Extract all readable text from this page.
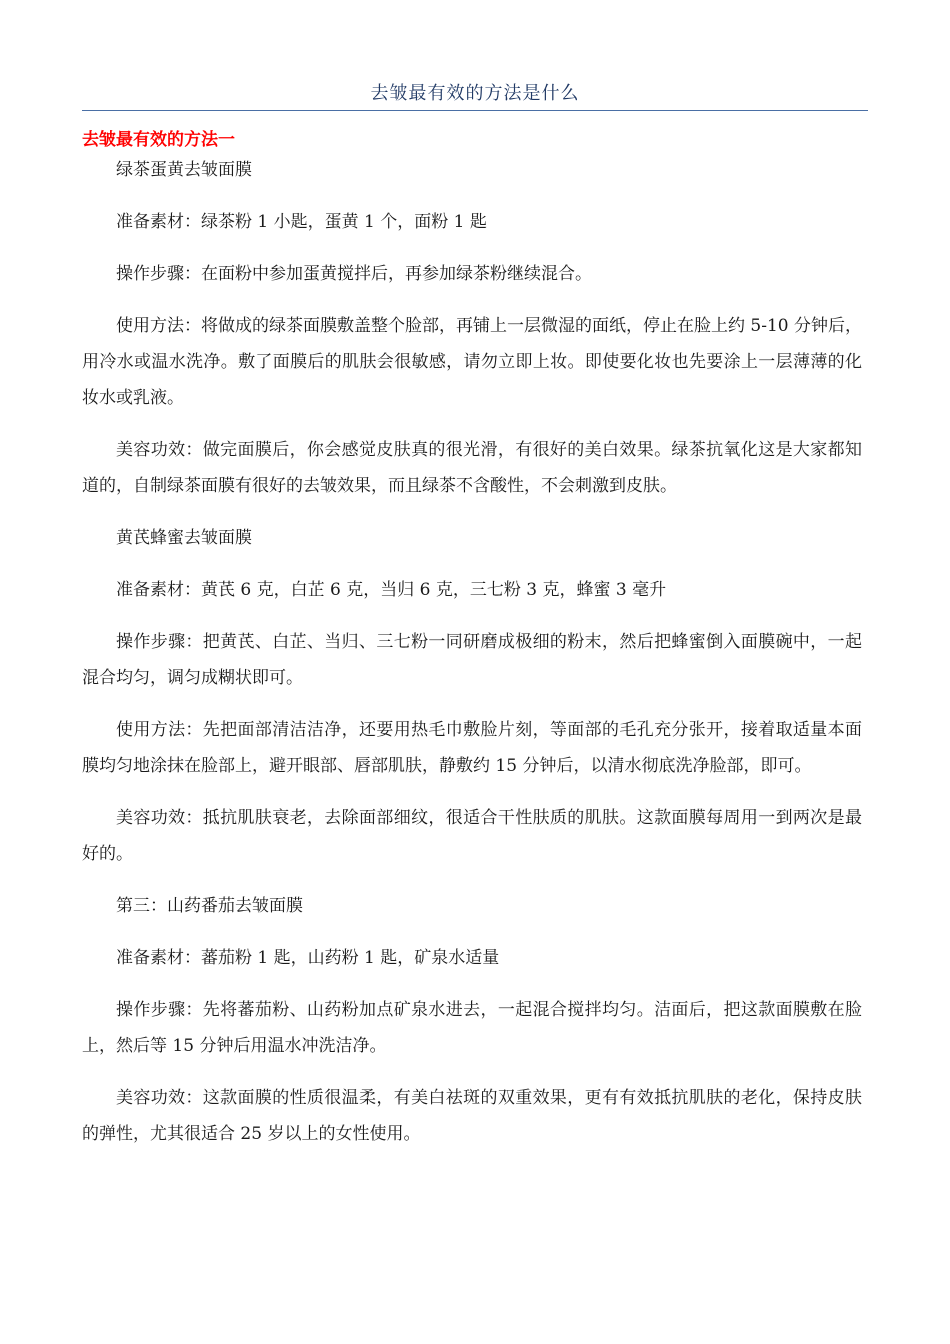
去皱最有效的方法是什么
去皱最有效的方法一

绿茶蛋黄去皱面膜

准备素材：绿茶粉 1 小匙，蛋黄 1 个，面粉 1 匙

操作步骤：在面粉中参加蛋黄搅拌后，再参加绿茶粉继续混合。

使用方法：将做成的绿茶面膜敷盖整个脸部，再铺上一层微湿的面纸，停止在脸上约 5-10 分钟后，用冷水或温水洗净。敷了面膜后的肌肤会很敏感，请勿立即上妆。即使要化妆也先要涂上一层薄薄的化妆水或乳液。

美容功效：做完面膜后，你会感觉皮肤真的很光滑，有很好的美白效果。绿茶抗氧化这是大家都知道的，自制绿茶面膜有很好的去皱效果，而且绿茶不含酸性，不会刺激到皮肤。

黄芪蜂蜜去皱面膜

准备素材：黄芪 6 克，白芷 6 克，当归 6 克，三七粉 3 克，蜂蜜 3 毫升

操作步骤：把黄芪、白芷、当归、三七粉一同研磨成极细的粉末，然后把蜂蜜倒入面膜碗中，一起混合均匀，调匀成糊状即可。

使用方法：先把面部清洁洁净，还要用热毛巾敷脸片刻，等面部的毛孔充分张开，接着取适量本面膜均匀地涂抹在脸部上，避开眼部、唇部肌肤，静敷约 15 分钟后，以清水彻底洗净脸部，即可。

美容功效：抵抗肌肤衰老，去除面部细纹，很适合干性肤质的肌肤。这款面膜每周用一到两次是最好的。

第三：山药番茄去皱面膜

准备素材：蕃茄粉 1 匙，山药粉 1 匙，矿泉水适量

操作步骤：先将蕃茄粉、山药粉加点矿泉水进去，一起混合搅拌均匀。洁面后，把这款面膜敷在脸上，然后等 15 分钟后用温水冲洗洁净。

美容功效：这款面膜的性质很温柔，有美白祛斑的双重效果，更有有效抵抗肌肤的老化，保持皮肤的弹性，尤其很适合 25 岁以上的女性使用。
